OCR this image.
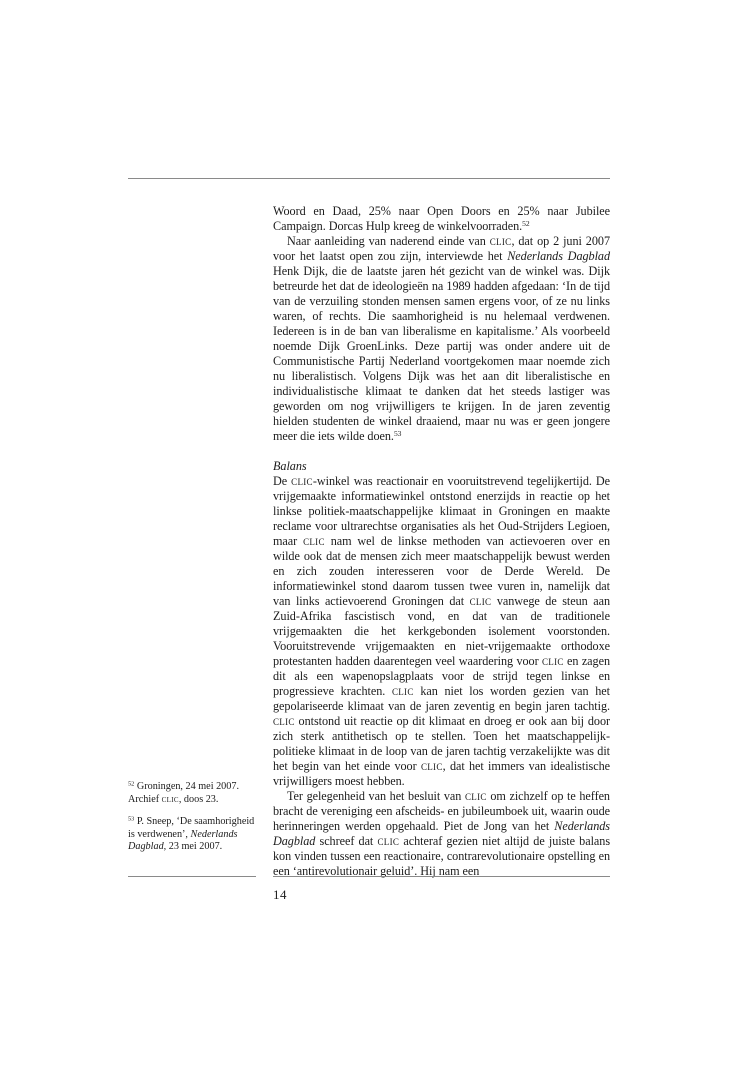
Woord en Daad, 25% naar Open Doors en 25% naar Jubilee Campaign. Dorcas Hulp kreeg de winkelvoorraden.$^{52}$

Naar aanleiding van naderend einde van clic, dat op 2 juni 2007 voor het laatst open zou zijn, interviewde het Nederlands Dagblad Henk Dijk, die de laatste jaren hét gezicht van de winkel was. Dijk betreurde het dat de ideologieën na 1989 hadden afgedaan: ‘In de tijd van de verzuiling stonden mensen samen ergens voor, of ze nu links waren, of rechts. Die saamhorigheid is nu helemaal verdwenen. Iedereen is in de ban van liberalisme en kapitalisme.’ Als voorbeeld noemde Dijk GroenLinks. Deze partij was onder andere uit de Communistische Partij Nederland voortgekomen maar noemde zich nu liberalistisch. Volgens Dijk was het aan dit liberalistische en individualistische klimaat te danken dat het steeds lastiger was geworden om nog vrijwilligers te krijgen. In de jaren zeventig hielden studenten de winkel draaiend, maar nu was er geen jongere meer die iets wilde doen.$^{53}$

Balans

De clic-winkel was reactionair en vooruitstrevend tegelijkertijd. De vrijgemaakte informatiewinkel ontstond enerzijds in reactie op het linkse politiek-maatschappelijke klimaat in Groningen en maakte reclame voor ultrarechtse organisaties als het Oud-Strijders Legioen, maar clic nam wel de linkse methoden van actievoeren over en wilde ook dat de mensen zich meer maatschappelijk bewust werden en zich zouden interesseren voor de Derde Wereld. De informatiewinkel stond daarom tussen twee vuren in, namelijk dat van links actievoerend Groningen dat clic vanwege de steun aan Zuid-Afrika fascistisch vond, en dat van de traditionele vrijgemaakten die het kerkgebonden isolement voorstonden. Vooruitstrevende vrijgemaakten en niet-vrijgemaakte orthodoxe protestanten hadden daarentegen veel waardering voor clic en zagen dit als een wapenopslagplaats voor de strijd tegen linkse en progressieve krachten. clic kan niet los worden gezien van het gepolariseerde klimaat van de jaren zeventig en begin jaren tachtig. clic ontstond uit reactie op dit klimaat en droeg er ook aan bij door zich sterk antithetisch op te stellen. Toen het maatschappelijk-politieke klimaat in de loop van de jaren tachtig verzakelijkte was dit het begin van het einde voor clic, dat het immers van idealistische vrijwilligers moest hebben.

Ter gelegenheid van het besluit van clic om zichzelf op te heffen bracht de vereniging een afscheids- en jubileumboek uit, waarin oude herinneringen werden opgehaald. Piet de Jong van het Nederlands Dagblad schreef dat clic achteraf gezien niet altijd de juiste balans kon vinden tussen een reactionaire, contrarevolutionaire opstelling en een ‘antirevolutionair geluid’. Hij nam een

$^{52}$ Groningen, 24 mei 2007. Archief clic, doos 23.

$^{53}$ P. Sneep, ‘De saamhorigheid is verdwenen’, Nederlands Dagblad, 23 mei 2007.

14
